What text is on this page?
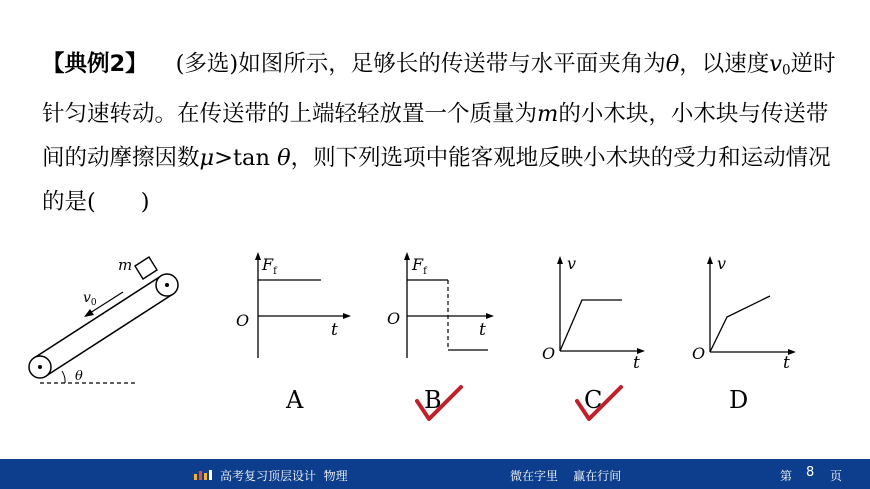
【典例2】 (多选)如图所示，足够长的传送带与水平面夹角为θ，以速度$v_0$逆时针匀速转动。在传送带的上端轻轻放置一个质量为m的小木块，小木块与传送带间的动摩擦因数μ>tan θ，则下列选项中能客观地反映小木块的受力和运动情况的是(　　)
m
$v_0$
θ
$F_f$
O	t
A
$F_f$
O
t
B
v
O	t
C
v
O	t
D
高考复习顶层设计  物理	微在字里    赢在行间	第 8 页
